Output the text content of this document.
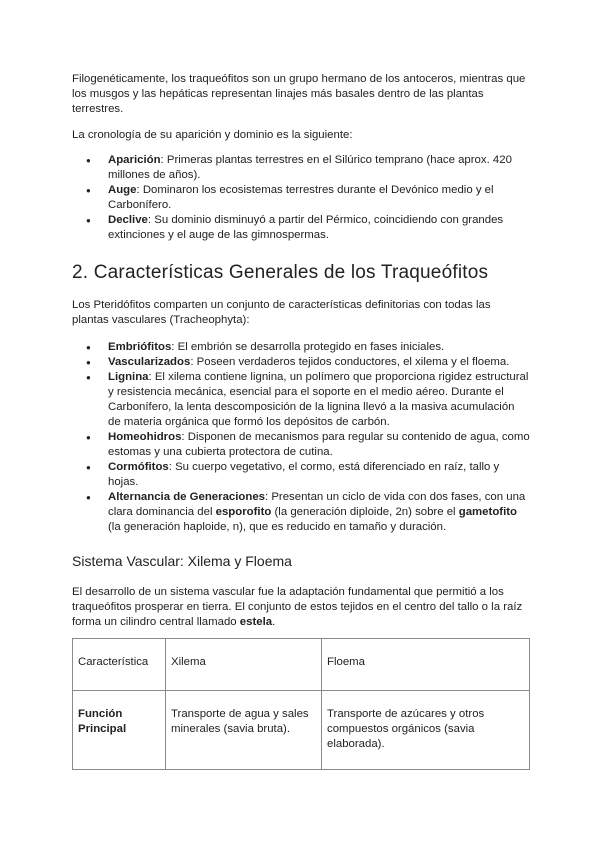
Filogenéticamente, los traqueófitos son un grupo hermano de los antoceros, mientras que los musgos y las hepáticas representan linajes más basales dentro de las plantas terrestres.

La cronología de su aparición y dominio es la siguiente:

● Aparición: Primeras plantas terrestres en el Silúrico temprano (hace aprox. 420 millones de años).
● Auge: Dominaron los ecosistemas terrestres durante el Devónico medio y el Carbonífero.
● Declive: Su dominio disminuyó a partir del Pérmico, coincidiendo con grandes extinciones y el auge de las gimnospermas.
2. Características Generales de los Traqueófitos

Los Pteridófitos comparten un conjunto de características definitorias con todas las plantas vasculares (Tracheophyta):

● Embriófitos: El embrión se desarrolla protegido en fases iniciales.
● Vascularizados: Poseen verdaderos tejidos conductores, el xilema y el floema.
● Lignina: El xilema contiene lignina, un polímero que proporciona rigidez estructural y resistencia mecánica, esencial para el soporte en el medio aéreo. Durante el Carbonífero, la lenta descomposición de la lignina llevó a la masiva acumulación de materia orgánica que formó los depósitos de carbón.
● Homeohidros: Disponen de mecanismos para regular su contenido de agua, como estomas y una cubierta protectora de cutina.
● Cormófitos: Su cuerpo vegetativo, el cormo, está diferenciado en raíz, tallo y hojas.
● Alternancia de Generaciones: Presentan un ciclo de vida con dos fases, con una clara dominancia del esporofito (la generación diploide, 2n) sobre el gametofito (la generación haploide, n), que es reducido en tamaño y duración.
Sistema Vascular: Xilema y Floema

El desarrollo de un sistema vascular fue la adaptación fundamental que permitió a los traqueófitos prosperar en tierra. El conjunto de estos tejidos en el centro del tallo o la raíz forma un cilindro central llamado estela.

Característica	Xilema	Floema
Función Principal	Transporte de agua y sales minerales (savia bruta).	Transporte de azúcares y otros compuestos orgánicos (savia elaborada).
